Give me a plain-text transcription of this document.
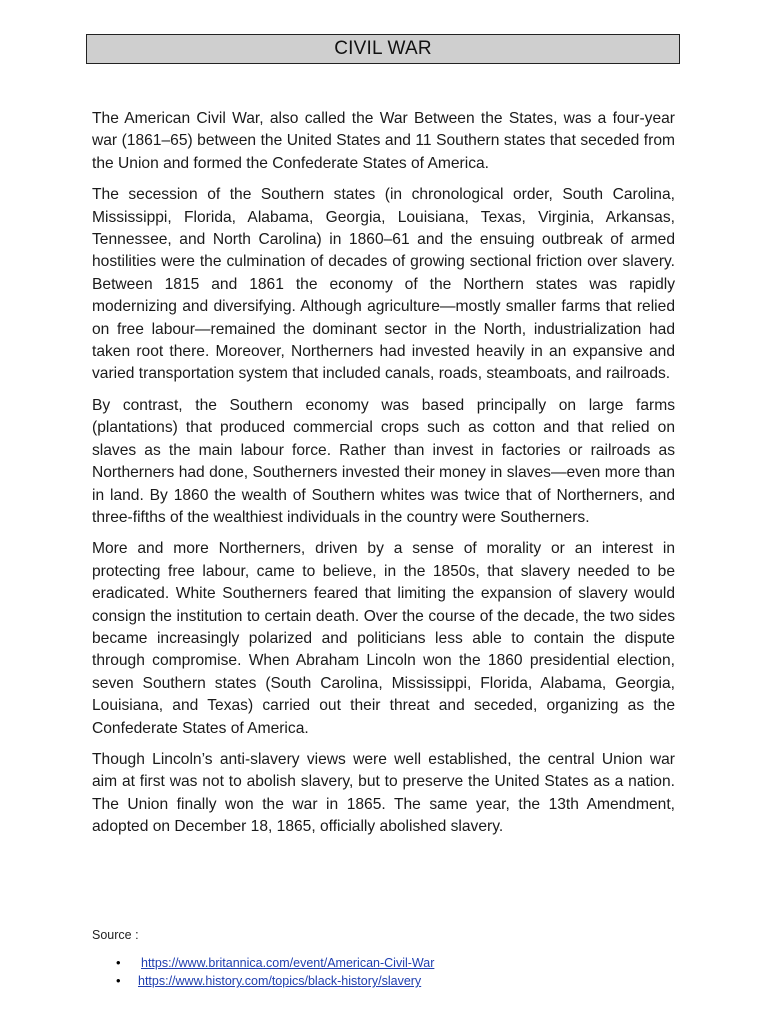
CIVIL WAR

The American Civil War, also called the War Between the States, was a four-year war (1861–65) between the United States and 11 Southern states that seceded from the Union and formed the Confederate States of America.

The secession of the Southern states (in chronological order, South Carolina, Mississippi, Florida, Alabama, Georgia, Louisiana, Texas, Virginia, Arkansas, Tennessee, and North Carolina) in 1860–61 and the ensuing outbreak of armed hostilities were the culmination of decades of growing sectional friction over slavery. Between 1815 and 1861 the economy of the Northern states was rapidly modernizing and diversifying. Although agriculture—mostly smaller farms that relied on free labour—remained the dominant sector in the North, industrialization had taken root there. Moreover, Northerners had invested heavily in an expansive and varied transportation system that included canals, roads, steamboats, and railroads.

By contrast, the Southern economy was based principally on large farms (plantations) that produced commercial crops such as cotton and that relied on slaves as the main labour force. Rather than invest in factories or railroads as Northerners had done, Southerners invested their money in slaves—even more than in land. By 1860 the wealth of Southern whites was twice that of Northerners, and three-fifths of the wealthiest individuals in the country were Southerners.

More and more Northerners, driven by a sense of morality or an interest in protecting free labour, came to believe, in the 1850s, that slavery needed to be eradicated. White Southerners feared that limiting the expansion of slavery would consign the institution to certain death. Over the course of the decade, the two sides became increasingly polarized and politicians less able to contain the dispute through compromise. When Abraham Lincoln won the 1860 presidential election, seven Southern states (South Carolina, Mississippi, Florida, Alabama, Georgia, Louisiana, and Texas) carried out their threat and seceded, organizing as the Confederate States of America.

Though Lincoln’s anti-slavery views were well established, the central Union war aim at first was not to abolish slavery, but to preserve the United States as a nation. The Union finally won the war in 1865. The same year, the 13th Amendment, adopted on December 18, 1865, officially abolished slavery.

Source :
• https://www.britannica.com/event/American-Civil-War
• https://www.history.com/topics/black-history/slavery
